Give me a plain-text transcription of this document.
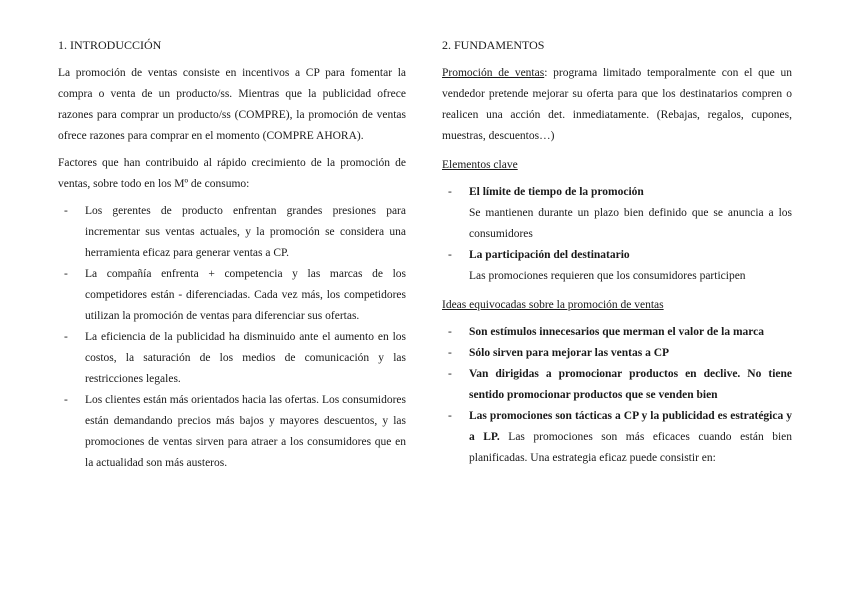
1. INTRODUCCIÓN

La promoción de ventas consiste en incentivos a CP para fomentar la compra o venta de un producto/ss. Mientras que la publicidad ofrece razones para comprar un producto/ss (COMPRE), la promoción de ventas ofrece razones para comprar en el momento (COMPRE AHORA).

Factores que han contribuido al rápido crecimiento de la promoción de ventas, sobre todo en los Mº de consumo:

- Los gerentes de producto enfrentan grandes presiones para incrementar sus ventas actuales, y la promoción se considera una herramienta eficaz para generar ventas a CP.
- La compañía enfrenta + competencia y las marcas de los competidores están - diferenciadas. Cada vez más, los competidores utilizan la promoción de ventas para diferenciar sus ofertas.
- La eficiencia de la publicidad ha disminuido ante el aumento en los costos, la saturación de los medios de comunicación y las restricciones legales.
- Los clientes están más orientados hacia las ofertas. Los consumidores están demandando precios más bajos y mayores descuentos, y las promociones de ventas sirven para atraer a los consumidores que en la actualidad son más austeros.
2. FUNDAMENTOS

Promoción de ventas: programa limitado temporalmente con el que un vendedor pretende mejorar su oferta para que los destinatarios compren o realicen una acción det. inmediatamente. (Rebajas, regalos, cupones, muestras, descuentos…)

Elementos clave
- El límite de tiempo de la promoción
Se mantienen durante un plazo bien definido que se anuncia a los consumidores
- La participación del destinatario
Las promociones requieren que los consumidores participen
Ideas equivocadas sobre la promoción de ventas
- Son estímulos innecesarios que merman el valor de la marca
- Sólo sirven para mejorar las ventas a CP
- Van dirigidas a promocionar productos en declive. No tiene sentido promocionar productos que se venden bien
- Las promociones son tácticas a CP y la publicidad es estratégica y a LP. Las promociones son más eficaces cuando están bien planificadas. Una estrategia eficaz puede consistir en:
